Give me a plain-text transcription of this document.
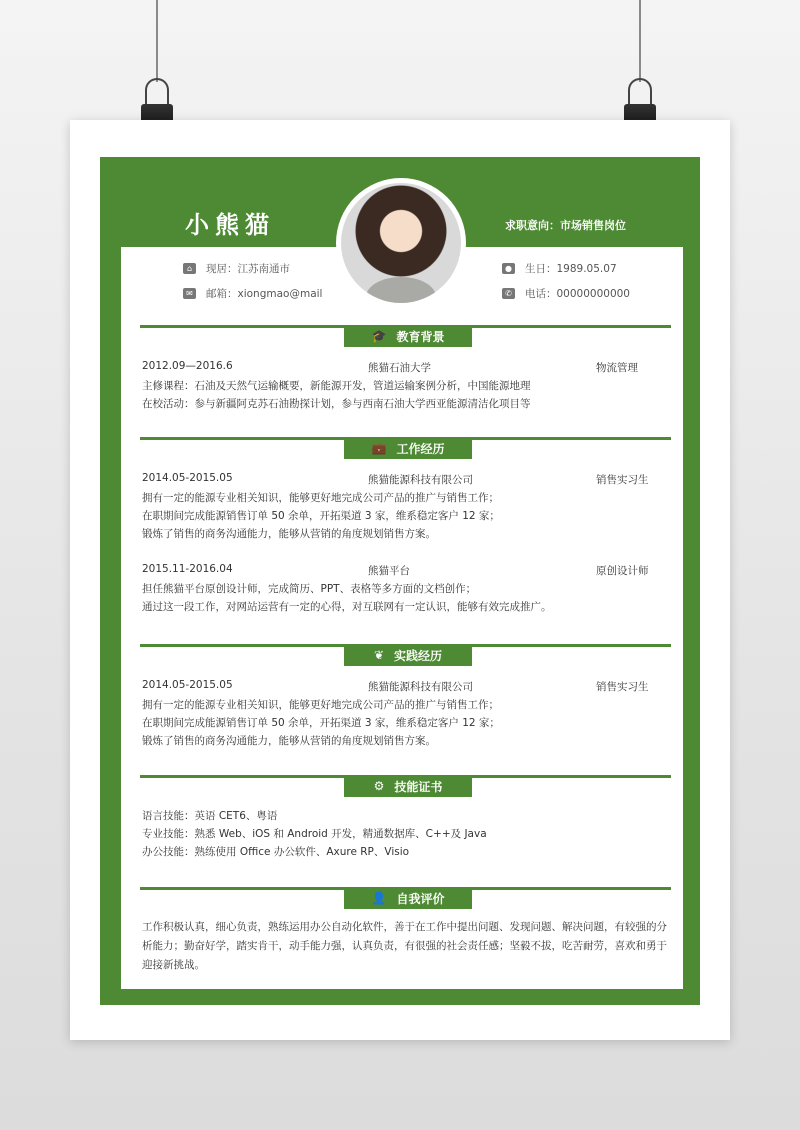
小熊猫	求职意向：市场销售岗位
⌂	现居：江苏南通市
✉	邮箱：xiongmao@mail
● 生日：1989.05.07
✆	电话：00000000000
🎓 教育背景
2012.09—2016.6	熊猫石油大学	物流管理
主修课程：石油及天然气运输概要，新能源开发，管道运输案例分析，中国能源地理
在校活动：参与新疆阿克苏石油勘探计划，参与西南石油大学西亚能源清洁化项目等
💼 工作经历
2014.05-2015.05	熊猫能源科技有限公司	销售实习生
拥有一定的能源专业相关知识，能够更好地完成公司产品的推广与销售工作；
在职期间完成能源销售订单 50 余单，开拓渠道 3 家，维系稳定客户 12 家；
锻炼了销售的商务沟通能力，能够从营销的角度规划销售方案。
2015.11-2016.04	熊猫平台	原创设计师
担任熊猫平台原创设计师，完成简历、PPT、表格等多方面的文档创作；
通过这一段工作，对网站运营有一定的心得，对互联网有一定认识，能够有效完成推广。
❦ 实践经历
2014.05-2015.05	熊猫能源科技有限公司	销售实习生
拥有一定的能源专业相关知识，能够更好地完成公司产品的推广与销售工作；
在职期间完成能源销售订单 50 余单，开拓渠道 3 家，维系稳定客户 12 家；
锻炼了销售的商务沟通能力，能够从营销的角度规划销售方案。
⚙ 技能证书
语言技能：英语 CET6、粤语
专业技能：熟悉 Web、iOS 和 Android 开发，精通数据库、C++及 Java
办公技能：熟练使用 Office 办公软件、Axure RP、Visio
👤 自我评价
工作积极认真，细心负责，熟练运用办公自动化软件，善于在工作中提出问题、发现问题、解决问题，有较强的分析能力；勤奋好学，踏实肯干，动手能力强，认真负责，有很强的社会责任感；坚毅不拔，吃苦耐劳，喜欢和勇于迎接新挑战。
